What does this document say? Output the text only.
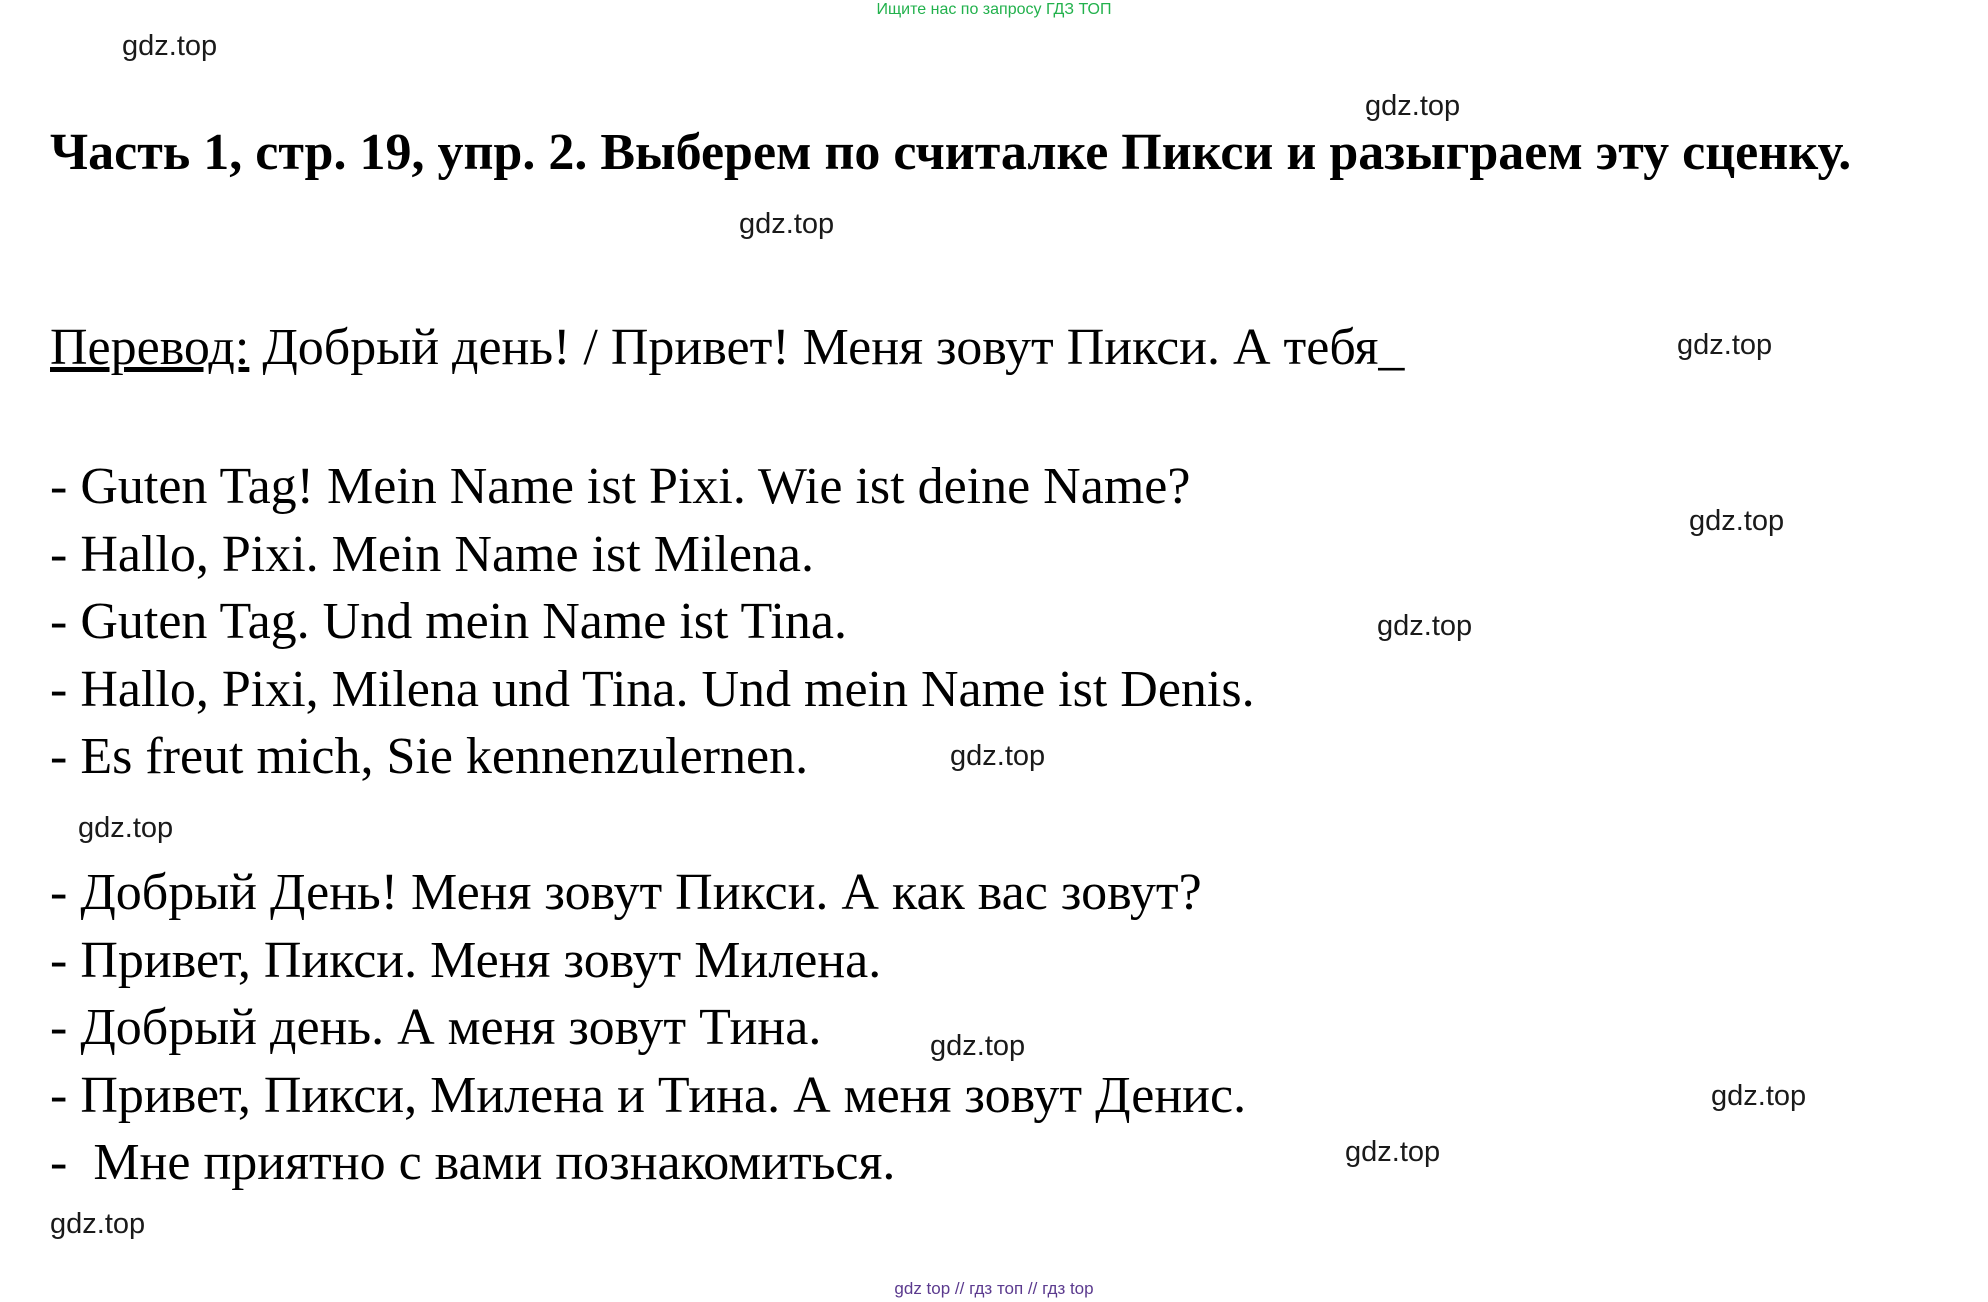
Ищите нас по запросу ГДЗ ТОП
gdz.top
gdz.top
Часть 1, стр. 19, упр. 2. Выберем по считалке Пикси и разыграем эту сценку.
gdz.top
Перевод: Добрый день! / Привет! Меня зовут Пикси. А тебя_	gdz.top
- Guten Tag! Mein Name ist Pixi. Wie ist deine Name?
- Hallo, Pixi. Mein Name ist Milena.
- Guten Tag. Und mein Name ist Tina.
- Hallo, Pixi, Milena und Tina. Und mein Name ist Denis.
- Es freut mich, Sie kennenzulernen.
gdz.top
gdz.top
gdz.top
gdz.top
- Добрый День! Меня зовут Пикси. А как вас зовут?
- Привет, Пикси. Меня зовут Милена.
- Добрый день. А меня зовут Тина.
- Привет, Пикси, Милена и Тина. А меня зовут Денис.
-  Мне приятно с вами познакомиться.
gdz.top
gdz.top
gdz.top
gdz.top
gdz top // гдз топ // гдз top
